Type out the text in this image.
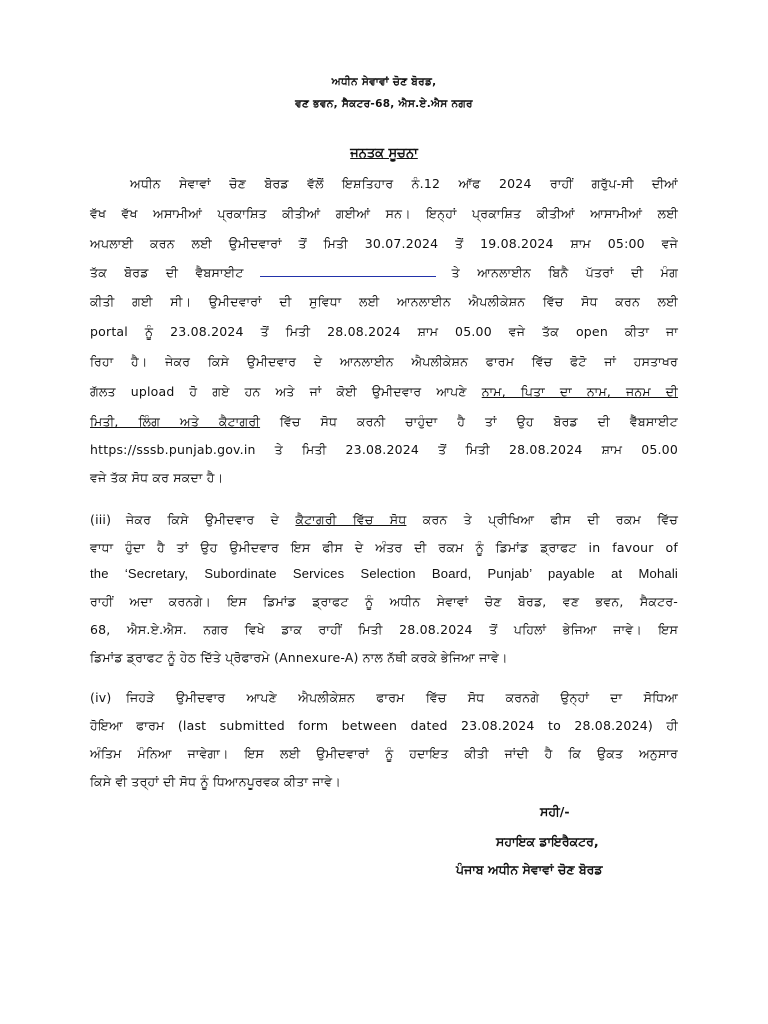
ਅਧੀਨ ਸੇਵਾਵਾਂ ਚੋਣ ਬੋਰਡ,
ਵਣ ਭਵਨ, ਸੈਕਟਰ-68, ਐਸ.ਏ.ਐਸ ਨਗਰ
ਜਨਤਕ ਸੂਚਨਾ
ਅਧੀਨ ਸੇਵਾਵਾਂ ਚੋਣ ਬੋਰਡ ਵੱਲੋਂ ਇਸ਼ਤਿਹਾਰ ਨੰ.12 ਆੱਫ 2024 ਰਾਹੀਂ ਗਰੁੱਪ-ਸੀ ਦੀਆਂ
ਵੱਖ ਵੱਖ ਅਸਾਮੀਆਂ ਪ੍ਰਕਾਸ਼ਿਤ ਕੀਤੀਆਂ ਗਈਆਂ ਸਨ। ਇਨ੍ਹਾਂ ਪ੍ਰਕਾਸ਼ਿਤ ਕੀਤੀਆਂ ਆਸਾਮੀਆਂ ਲਈ
ਅਪਲਾਈ ਕਰਨ ਲਈ ਉਮੀਦਵਾਰਾਂ ਤੋਂ ਮਿਤੀ 30.07.2024 ਤੋਂ 19.08.2024 ਸ਼ਾਮ 05:00 ਵਜੇ
ਤੱਕ ਬੋਰਡ ਦੀ ਵੈਬਸਾਈਟ	ਤੇ ਆਨਲਾਈਨ ਬਿਨੈ ਪੱਤਰਾਂ ਦੀ ਮੰਗ
ਕੀਤੀ ਗਈ ਸੀ। ਉਮੀਦਵਾਰਾਂ ਦੀ ਸੁਵਿਧਾ ਲਈ ਆਨਲਾਈਨ ਐਪਲੀਕੇਸ਼ਨ ਵਿੱਚ ਸੋਧ ਕਰਨ ਲਈ
portal ਨੂੰ 23.08.2024 ਤੋਂ ਮਿਤੀ 28.08.2024 ਸ਼ਾਮ 05.00 ਵਜੇ ਤੱਕ open ਕੀਤਾ ਜਾ
ਰਿਹਾ ਹੈ। ਜੇਕਰ ਕਿਸੇ ਉਮੀਦਵਾਰ ਦੇ ਆਨਲਾਈਨ ਐਪਲੀਕੇਸ਼ਨ ਫਾਰਮ ਵਿੱਚ ਫੋਟੋ ਜਾਂ ਹਸਤਾਖਰ
ਗੱਲਤ upload ਹੋ ਗਏ ਹਨ ਅਤੇ ਜਾਂ ਕੋਈ ਉਮੀਦਵਾਰ ਆਪਣੇ ਨਾਮ, ਪਿਤਾ ਦਾ ਨਾਮ, ਜਨਮ ਦੀ
ਮਿਤੀ, ਲਿੰਗ ਅਤੇ ਕੈਟਾਗਰੀ ਵਿੱਚ ਸੋਧ ਕਰਨੀ ਚਾਹੁੰਦਾ ਹੈ ਤਾਂ ਉਹ ਬੋਰਡ ਦੀ ਵੈੱਬਸਾਈਟ
https://sssb.punjab.gov.in ਤੇ ਮਿਤੀ 23.08.2024 ਤੋਂ ਮਿਤੀ 28.08.2024 ਸ਼ਾਮ 05.00
ਵਜੇ ਤੱਕ ਸੋਧ ਕਰ ਸਕਦਾ ਹੈ।
(iii) ਜੇਕਰ ਕਿਸੇ ਉਮੀਦਵਾਰ ਦੇ ਕੈਟਾਗਰੀ ਵਿੱਚ ਸੋਧ ਕਰਨ ਤੇ ਪ੍ਰੀਖਿਆ ਫੀਸ ਦੀ ਰਕਮ ਵਿੱਚ
ਵਾਧਾ ਹੁੰਦਾ ਹੈ ਤਾਂ ਉਹ ਉਮੀਦਵਾਰ ਇਸ ਫੀਸ ਦੇ ਅੰਤਰ ਦੀ ਰਕਮ ਨੂੰ ਡਿਮਾਂਡ ਡ੍ਰਾਫਟ in favour of
the ‘Secretary, Subordinate Services Selection Board, Punjab’ payable at Mohali
ਰਾਹੀਂ ਅਦਾ ਕਰਨਗੇ। ਇਸ ਡਿਮਾਂਡ ਡ੍ਰਾਫਟ ਨੂੰ ਅਧੀਨ ਸੇਵਾਵਾਂ ਚੋਣ ਬੋਰਡ, ਵਣ ਭਵਨ, ਸੈਕਟਰ-
68, ਐਸ.ਏ.ਐਸ. ਨਗਰ ਵਿਖੇ ਡਾਕ ਰਾਹੀਂ ਮਿਤੀ 28.08.2024 ਤੋਂ ਪਹਿਲਾਂ ਭੇਜਿਆ ਜਾਵੇ। ਇਸ
ਡਿਮਾਂਡ ਡ੍ਰਾਫਟ ਨੂੰ ਹੇਠ ਦਿੱਤੇ ਪ੍ਰੋਫਾਰਮੇ (Annexure-A) ਨਾਲ ਨੱਥੀ ਕਰਕੇ ਭੇਜਿਆ ਜਾਵੇ।
(iv) ਜਿਹੜੇ ਉਮੀਦਵਾਰ ਆਪਣੇ ਐਪਲੀਕੇਸ਼ਨ ਫਾਰਮ ਵਿੱਚ ਸੋਧ ਕਰਨਗੇ ਉਨ੍ਹਾਂ ਦਾ ਸੋਧਿਆ
ਹੋਇਆ ਫਾਰਮ (last submitted form between dated 23.08.2024 to 28.08.2024) ਹੀ
ਅੰਤਿਮ ਮੰਨਿਆ ਜਾਵੇਗਾ। ਇਸ ਲਈ ਉਮੀਦਵਾਰਾਂ ਨੂੰ ਹਦਾਇਤ ਕੀਤੀ ਜਾਂਦੀ ਹੈ ਕਿ ਉਕਤ ਅਨੁਸਾਰ
ਕਿਸੇ ਵੀ ਤਰ੍ਹਾਂ ਦੀ ਸੋਧ ਨੂੰ ਧਿਆਨਪੂਰਵਕ ਕੀਤਾ ਜਾਵੇ।
ਸਹੀ/-
ਸਹਾਇਕ ਡਾਇਰੈਕਟਰ,
ਪੰਜਾਬ ਅਧੀਨ ਸੇਵਾਵਾਂ ਚੋਣ ਬੋਰਡ
